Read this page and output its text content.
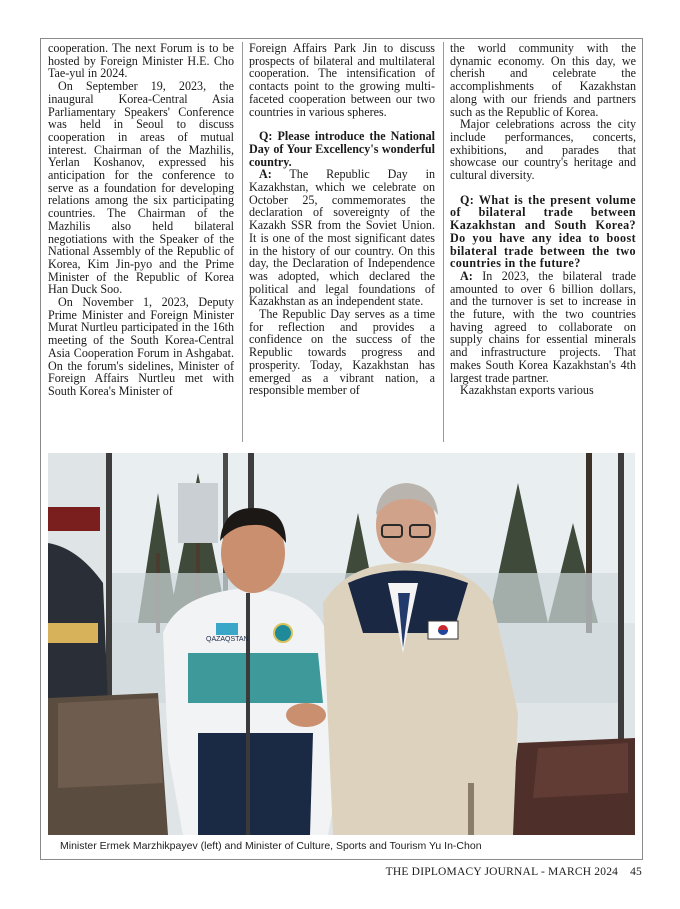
cooperation. The next Forum is to be hosted by Foreign Minister H.E. Cho Tae-yul in 2024.

On September 19, 2023, the inaugural Korea-Central Asia Parliamentary Speakers' Conference was held in Seoul to discuss cooperation in areas of mutual interest. Chairman of the Mazhilis, Yerlan Koshanov, expressed his anticipation for the conference to serve as a foundation for developing relations among the six participating countries. The Chairman of the Mazhilis also held bilateral negotiations with the Speaker of the National Assembly of the Republic of Korea, Kim Jin-pyo and the Prime Minister of the Republic of Korea Han Duck Soo.

On November 1, 2023, Deputy Prime Minister and Foreign Minister Murat Nurtleu participated in the 16th meeting of the South Korea-Central Asia Cooperation Forum in Ashgabat. On the forum's sidelines, Minister of Foreign Affairs Nurtleu met with South Korea's Minister of

Foreign Affairs Park Jin to discuss prospects of bilateral and multilateral cooperation. The intensification of contacts point to the growing multi-faceted cooperation between our two countries in various spheres.

Q: Please introduce the National Day of Your Excellency's wonderful country.

A: The Republic Day in Kazakhstan, which we celebrate on October 25, commemorates the declaration of sovereignty of the Kazakh SSR from the Soviet Union. It is one of the most significant dates in the history of our country. On this day, the Declaration of Independence was adopted, which declared the political and legal foundations of Kazakhstan as an independent state.

The Republic Day serves as a time for reflection and provides a confidence on the success of the Republic towards progress and prosperity. Today, Kazakhstan has emerged as a vibrant nation, a responsible member of

the world community with the dynamic economy. On this day, we cherish and celebrate the accomplishments of Kazakhstan along with our friends and partners such as the Republic of Korea.

Major celebrations across the city include performances, concerts, exhibitions, and parades that showcase our country's heritage and cultural diversity.

Q: What is the present volume of bilateral trade between Kazakhstan and South Korea? Do you have any idea to boost bilateral trade between the two countries in the future?

A: In 2023, the bilateral trade amounted to over 6 billion dollars, and the turnover is set to increase in the future, with the two countries having agreed to collaborate on supply chains for essential minerals and infrastructure projects. That makes South Korea Kazakhstan's 4th largest trade partner.

Kazakhstan exports various

QAZAQSTAN
Minister Ermek Marzhikpayev (left) and Minister of Culture, Sports and Tourism Yu In-Chon
THE DIPLOMACY JOURNAL - MARCH 2024 45
